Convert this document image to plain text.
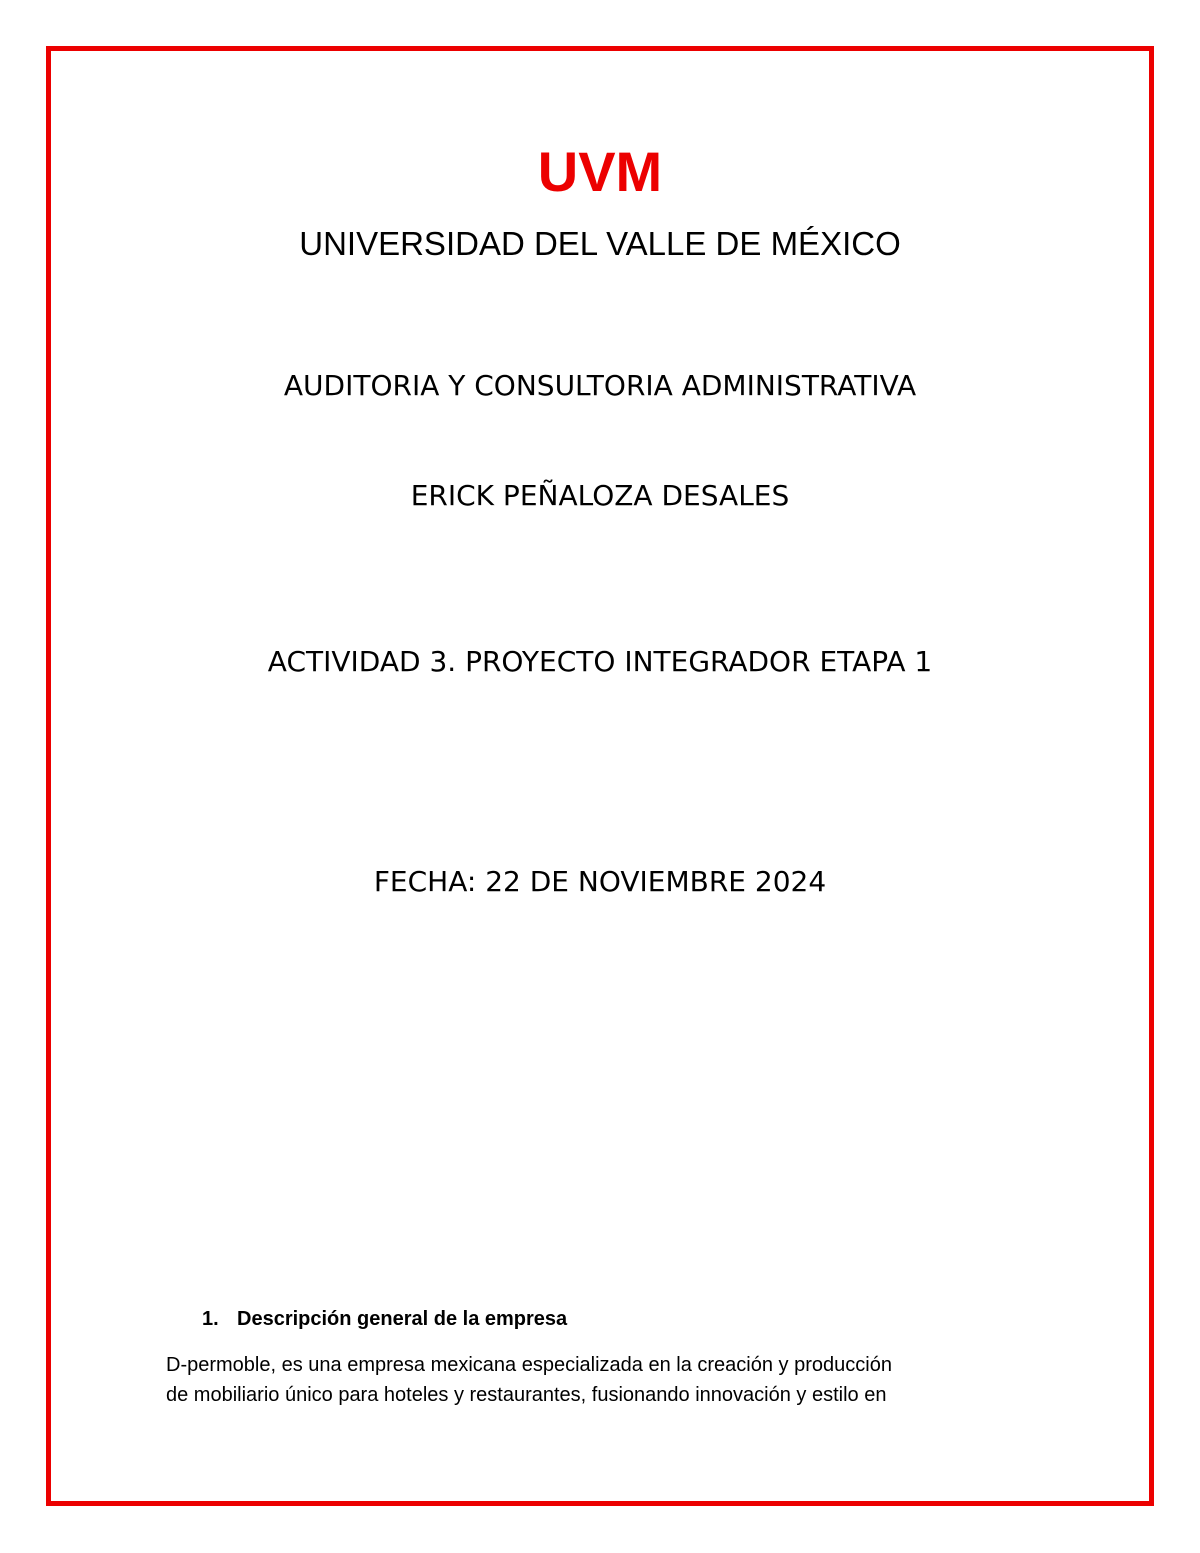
UVM
UNIVERSIDAD DEL VALLE DE MÉXICO
AUDITORIA Y CONSULTORIA ADMINISTRATIVA
ERICK PEÑALOZA DESALES
ACTIVIDAD 3. PROYECTO INTEGRADOR ETAPA 1
FECHA: 22 DE NOVIEMBRE 2024
1. Descripción general de la empresa
D-permoble, es una empresa mexicana especializada en la creación y producción
de mobiliario único para hoteles y restaurantes, fusionando innovación y estilo en
